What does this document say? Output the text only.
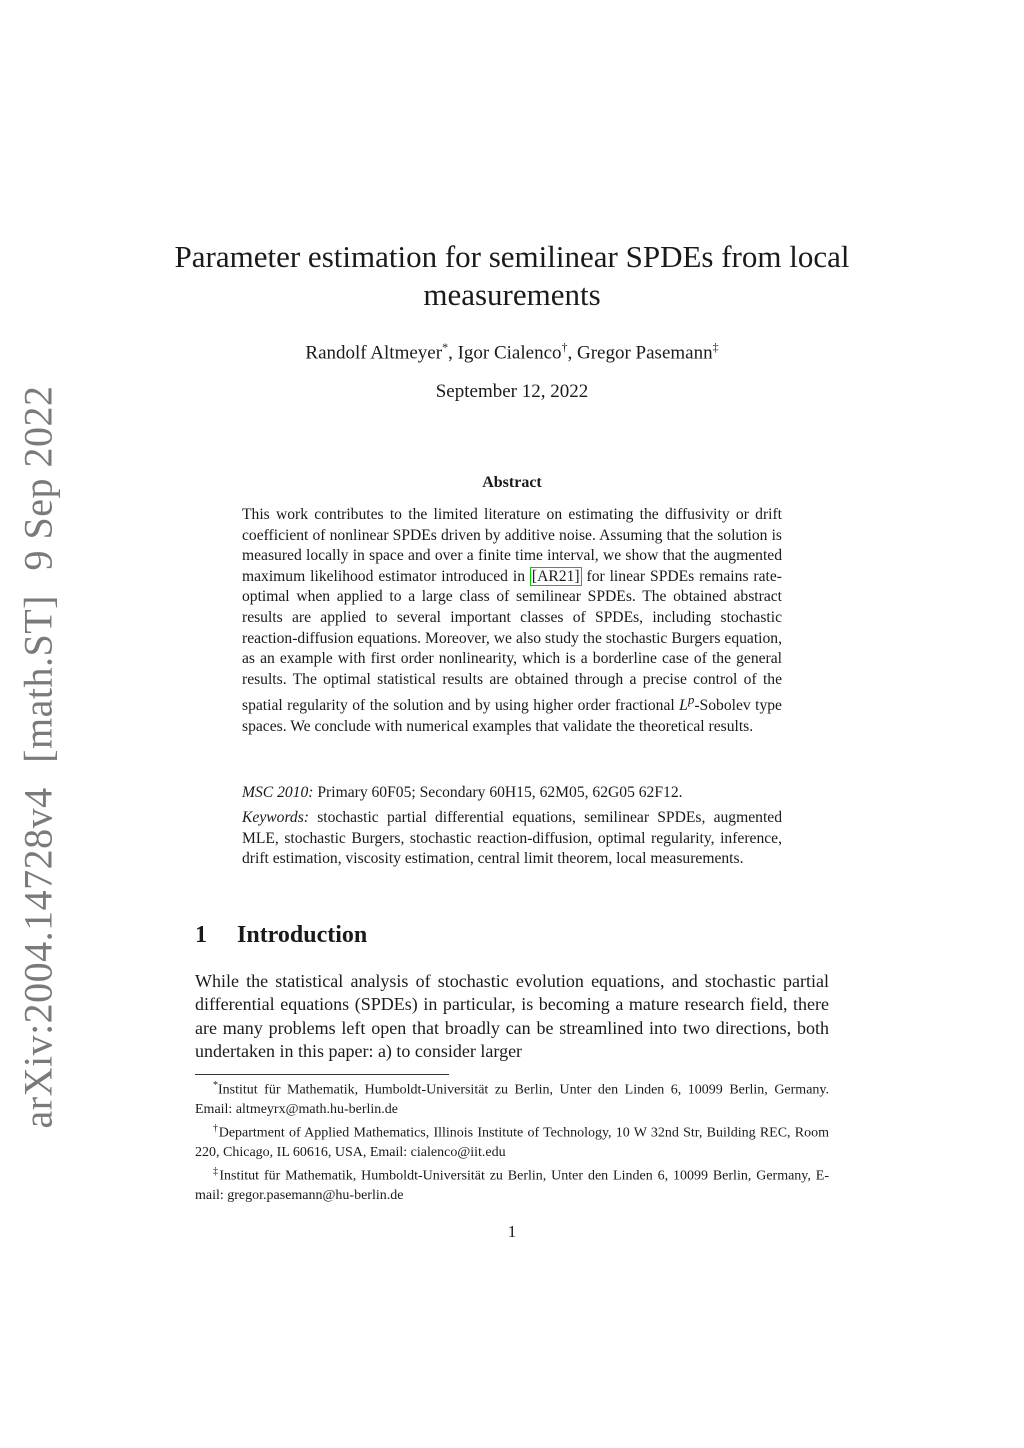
arXiv:2004.14728v4 [math.ST] 9 Sep 2022
Parameter estimation for semilinear SPDEs from local measurements
Randolf Altmeyer*, Igor Cialenco†, Gregor Pasemann‡
September 12, 2022
Abstract

This work contributes to the limited literature on estimating the diffusivity or drift coefficient of nonlinear SPDEs driven by additive noise. Assuming that the solution is measured locally in space and over a finite time interval, we show that the augmented maximum likelihood estimator introduced in [AR21] for linear SPDEs remains rate-optimal when applied to a large class of semilinear SPDEs. The obtained abstract results are applied to several important classes of SPDEs, including stochastic reaction-diffusion equations. Moreover, we also study the stochastic Burgers equation, as an example with first order nonlinearity, which is a borderline case of the general results. The optimal statistical results are obtained through a precise control of the spatial regularity of the solution and by using higher order fractional $L^p$-Sobolev type spaces. We conclude with numerical examples that validate the theoretical results.

MSC 2010: Primary 60F05; Secondary 60H15, 62M05, 62G05 62F12.

Keywords: stochastic partial differential equations, semilinear SPDEs, augmented MLE, stochastic Burgers, stochastic reaction-diffusion, optimal regularity, inference, drift estimation, viscosity estimation, central limit theorem, local measurements.

1 Introduction

While the statistical analysis of stochastic evolution equations, and stochastic partial differential equations (SPDEs) in particular, is becoming a mature research field, there are many problems left open that broadly can be streamlined into two directions, both undertaken in this paper: a) to consider larger

*Institut für Mathematik, Humboldt-Universität zu Berlin, Unter den Linden 6, 10099 Berlin, Germany. Email: altmeyrx@math.hu-berlin.de

†Department of Applied Mathematics, Illinois Institute of Technology, 10 W 32nd Str, Building REC, Room 220, Chicago, IL 60616, USA, Email: cialenco@iit.edu

‡Institut für Mathematik, Humboldt-Universität zu Berlin, Unter den Linden 6, 10099 Berlin, Germany, E-mail: gregor.pasemann@hu-berlin.de

1
